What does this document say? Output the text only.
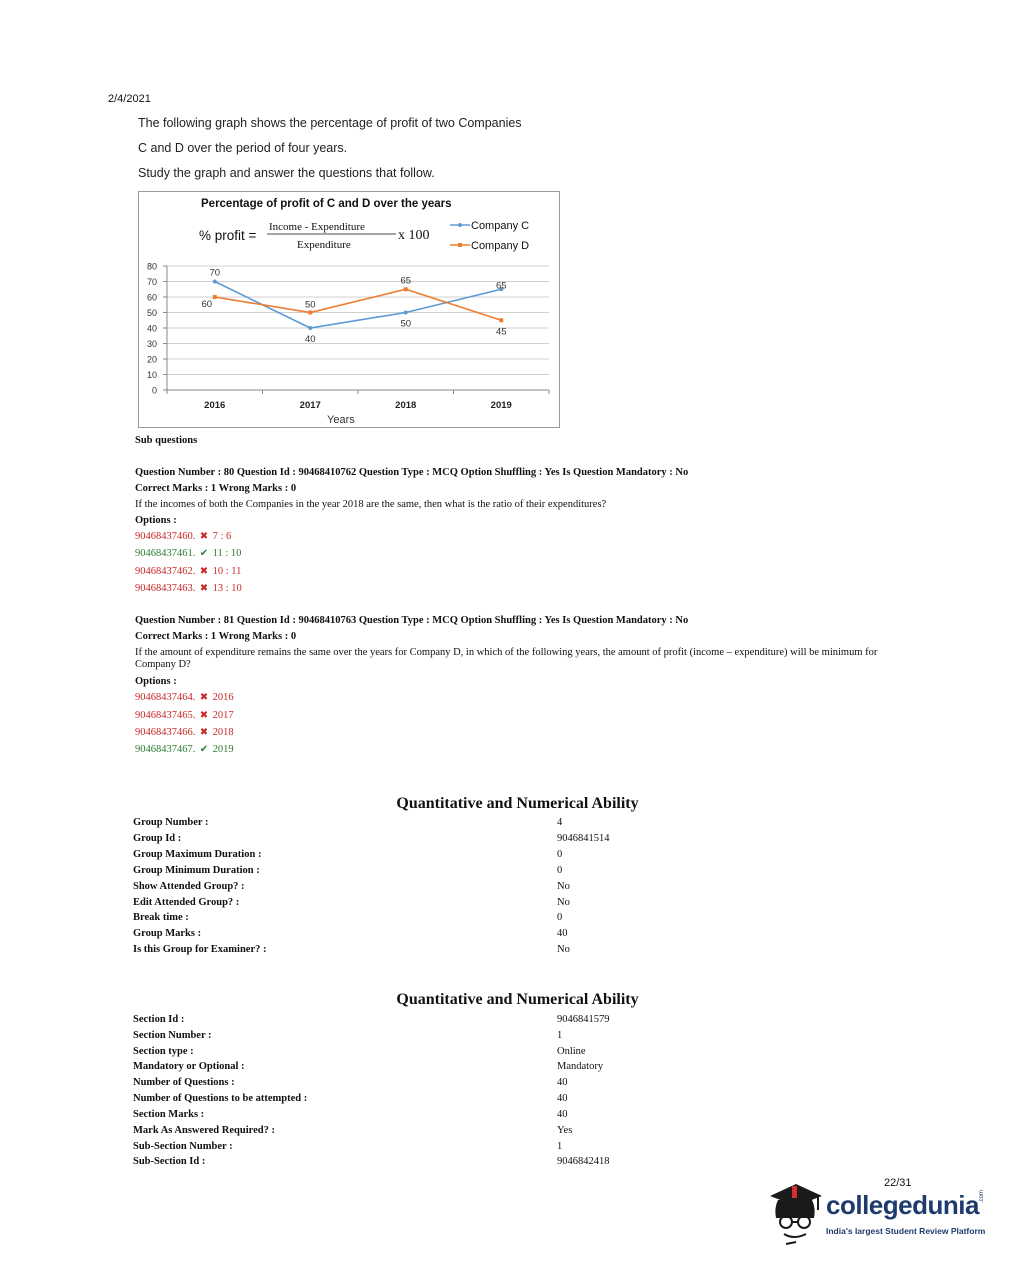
2/4/2021
The following graph shows the percentage of profit of two Companies
C and D over the period of four years.
Study the graph and answer the questions that follow.
Percentage of profit of C and D over the years
% profit =
Income - Expenditure
Expenditure
x 100
Company C
Company D
0
10
20
30
40
50
60
70
80
2016	2017	2018	2019
70
40
50
65
60	50
65
45
Years
Sub questions
Question Number : 80 Question Id : 90468410762 Question Type : MCQ Option Shuffling : Yes Is Question Mandatory : No
Correct Marks : 1 Wrong Marks : 0
If the incomes of both the Companies in the year 2018 are the same, then what is the ratio of their expenditures?
Options :
90468437460. ✖ 7 : 6
90468437461. ✔ 11 : 10
90468437462. ✖ 10 : 11
90468437463. ✖ 13 : 10
Question Number : 81 Question Id : 90468410763 Question Type : MCQ Option Shuffling : Yes Is Question Mandatory : No
Correct Marks : 1 Wrong Marks : 0
If the amount of expenditure remains the same over the years for Company D, in which of the following years, the amount of profit (income – expenditure) will be minimum for Company D?
Options :
90468437464. ✖ 2016
90468437465. ✖ 2017
90468437466. ✖ 2018
90468437467. ✔ 2019
Quantitative and Numerical Ability
Group Number :	4
Group Id :	9046841514
Group Maximum Duration :	0
Group Minimum Duration :	0
Show Attended Group? :	No
Edit Attended Group? :	No
Break time :	0
Group Marks :	40
Is this Group for Examiner? :	No
Quantitative and Numerical Ability
Section Id :	9046841579
Section Number :	1
Section type :	Online
Mandatory or Optional :	Mandatory
Number of Questions :	40
Number of Questions to be attempted :	40
Section Marks :	40
Mark As Answered Required? :	Yes
Sub-Section Number :	1
Sub-Section Id :	9046842418
22/31
collegedunia .com
India's largest Student Review Platform
